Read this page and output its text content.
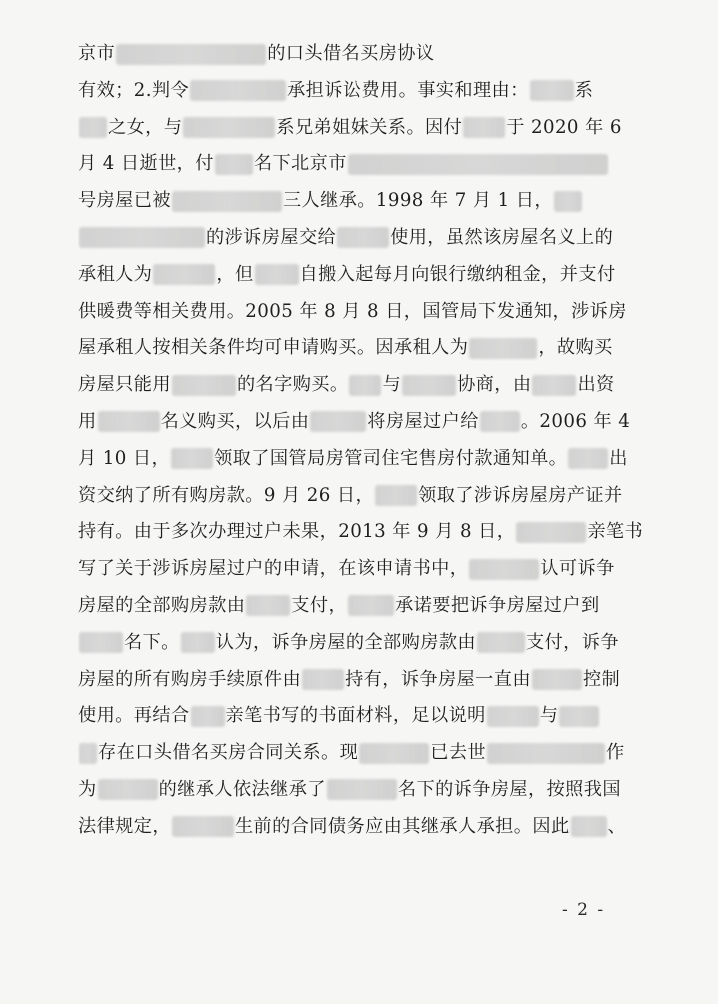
京市	的口头借名买房协议
有效；2.判令	承担诉讼费用。事实和理由：	系
之女，与	系兄弟姐妹关系。因付 于 2020 年 6
月 4 日逝世，付 名下北京市
号房屋已被	三人继承。1998 年 7 月 1 日，
的涉诉房屋交给	使用，虽然该房屋名义上的
承租人为	，但	自搬入起每月向银行缴纳租金，并支付
供暖费等相关费用。2005 年 8 月 8 日，国管局下发通知，涉诉房
屋承租人按相关条件均可申请购买。因承租人为	，故购买
房屋只能用	的名字购买。 与	协商，由	出资
用	名义购买，以后由	将房屋过户给 。2006 年 4
月 10 日， 领取了国管局房管司住宅售房付款通知单。 出
资交纳了所有购房款。9 月 26 日， 领取了涉诉房屋房产证并
持有。由于多次办理过户未果，2013 年 9 月 8 日，	亲笔书
写了关于涉诉房屋过户的申请，在该申请书中，	认可诉争
房屋的全部购房款由	支付，	承诺要把诉争房屋过户到
名下。 认为，诉争房屋的全部购房款由	支付，诉争
房屋的所有购房手续原件由 持有，诉争房屋一直由	控制
使用。再结合 亲笔书写的书面材料，足以说明	与
存在口头借名买房合同关系。现	已去世	作
为	的继承人依法继承了	名下的诉争房屋，按照我国
法律规定，	生前的合同债务应由其继承人承担。因此 、
- 2 -
